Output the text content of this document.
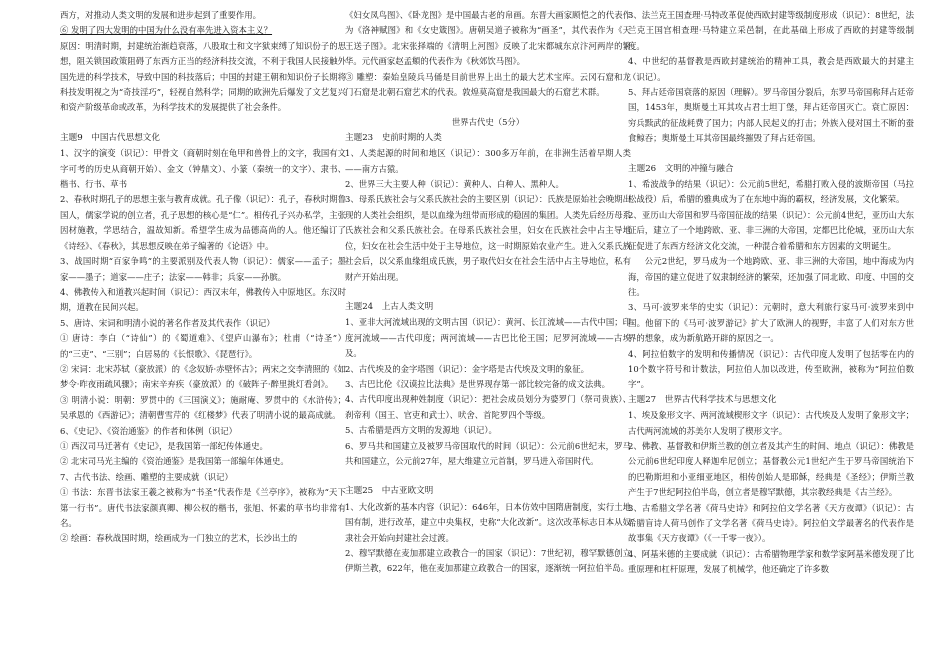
西方，对推动人类文明的发展和进步起到了重要作用。

⑥ 发明了四大发明的中国为什么没有率先进入资本主义？

原因：明清时期，封建统治渐趋衰落，八股取士和文字狱束缚了知识份子的思想，阻关锁国政策阻碍了东西方正当的经济科技交流，不利于我国人民接触外国先进的科学技术，导致中国的科技落后；中国的封建王朝和知识份子长期将科技发明视之为“奇技淫巧”，轻视自然科学；同期的欧洲先后爆发了文艺复兴和资产阶级革命或改革，为科学技术的发展提供了社会条件。

主题9　中国古代思想文化

1、汉字的演变（识记）：甲骨文（商朝时刻在龟甲和兽骨上的文字，我国有文字可考的历史从商朝开始）、金文（钟鼎文）、小篆（秦统一的文字）、隶书、楷书、行书、草书

2、春秋时期孔子的思想主张与教育成就。孔子像（识记）：孔子，春秋时期鲁国人，儒家学说的创立者，孔子思想的核心是“仁”。相传孔子兴办私学，主张因材施教，学思结合，温故知新。希望学生成为品德高尚的人。他还编订了《诗经》、《春秋》，其思想反映在弟子编著的《论语》中。

3、战国时期“百家争鸣”的主要派别及代表人物（识记）：儒家——孟子；墨家——墨子；道家——庄子；法家——韩非；兵家——孙膑。

4、佛教传入和道教兴起时间（识记）：西汉末年，佛教传入中原地区。东汉时期，道教在民间兴起。

5、唐诗、宋词和明清小说的著名作者及其代表作（识记）

① 唐诗：李白（“诗仙”）的《蜀道难》、《望庐山瀑布》；杜甫（“诗圣”）的“三吏”、“三别”；白居易的《长恨歌》、《琵琶行》。

② 宋词：北宋苏轼（豪放派）的《念奴娇·赤壁怀古》；两宋之交李清照的《如梦令·昨夜雨疏风骤》；南宋辛弃疾（豪放派）的《破阵子·醉里挑灯看剑》。

③ 明清小说：明朝：罗贯中的《三国演义》；施耐庵、罗贯中的《水浒传》；吴承恩的《西游记》；清朝曹雪芹的《红楼梦》代表了明清小说的最高成就。

6、《史记》、《资治通鉴》的作者和体例（识记）

① 西汉司马迁著有《史记》，是我国第一部纪传体通史。

② 北宋司马光主编的《资治通鉴》是我国第一部编年体通史。

7、古代书法、绘画、雕塑的主要成就（识记）

① 书法：东晋书法家王羲之被称为“书圣”代表作是《兰亭序》，被称为“天下第一行书”。唐代书法家颜真卿、柳公权的楷书，张旭、怀素的草书均非常有名。

② 绘画：春秋战国时期，绘画成为一门独立的艺术，长沙出土的

《妇女凤鸟图》、《卧龙图》是中国最古老的帛画。东晋大画家顾恺之的代表作为《洛神赋图》和《女史箴图》。唐朝吴道子被称为“画圣”，其代表作为《天王送子图》。北宋张择端的《清明上河图》反映了北宋都城东京汴河两岸的繁华。元代画家赵孟頫的代表作为《秋郊饮马图》。

③ 雕塑：秦始皇陵兵马俑是目前世界上出土的最大艺术宝库。云冈石窟和龙门石窟是北朝石窟艺术的代表。敦煌莫高窟是我国最大的石窟艺术群。

世界古代史（5分）

主题23　史前时期的人类

1、人类起源的时间和地区（识记）：300多万年前，在非洲生活着早期人类——南方古猿。

2、世界三大主要人种（识记）：黄种人、白种人、黑种人。

3、母系氏族社会与父系氏族社会的主要区别（识记）：氏族是原始社会晚期出现的人类社会组织，是以血缘为纽带而形成的稳固的集团。人类先后经历母系氏族社会和父系氏族社会。在母系氏族社会里，妇女在氏族社会中占主导地位，妇女在社会生活中处于主导地位，这一时期原始农业产生。进入父系氏族社会后，以父系血缘组成氏族，男子取代妇女在社会生活中占主导地位，私有财产开始出现。

主题24　上古人类文明

1、亚非大河流域出现的文明古国（识记）：黄河、长江流域——古代中国；印度河流域——古代印度；两河流域——古巴比伦王国；尼罗河流域——古埃及。

2、古代埃及的金字塔图（识记）：金字塔是古代埃及文明的象征。

3、古巴比伦《汉谟拉比法典》是世界现存第一部比较完备的成文法典。

4、古代印度出现种姓制度（识记）：把社会成员划分为婆罗门（祭司贵族）、刹帝利（国王、官吏和武士）、吠舍、首陀罗四个等级。

5、古希腊是西方文明的发源地（识记）。

6、罗马共和国建立及被罗马帝国取代的时间（识记）：公元前6世纪末，罗马共和国建立，公元前27年，屋大维建立元首制，罗马进入帝国时代。

主题25　中古亚欧文明

1、大化改新的基本内容（识记）：646年，日本仿效中国隋唐制度，实行土地国有制，进行改革，建立中央集权，史称“大化改新”。这次改革标志日本从奴隶社会开始向封建社会过渡。

2、穆罕默德在麦加那建立政教合一的国家（识记）：7世纪初，穆罕默德创立伊斯兰教，622年，他在麦加那建立政教合一的国家，逐渐统一阿拉伯半岛。

3、法兰克王国查理·马特改革促使西欧封建等级制度形成（识记）：8世纪，法兰克王国宫相查理·马特建立采邑制，在此基础上形成了西欧的封建等级制度。

4、中世纪的基督教是西欧封建统治的精神工具，教会是西欧最大的封建主（识记）。

5、拜占廷帝国衰落的原因（理解）。罗马帝国分裂后，东罗马帝国称拜占廷帝国，1453年，奥斯曼土耳其攻占君士坦丁堡，拜占廷帝国灭亡。衰亡原因：穷兵黩武的征战耗费了国力；内部人民起义的打击；外族入侵对国土不断的蚕食鲸吞；奥斯曼土耳其帝国最终摧毁了拜占廷帝国。

主题26　文明的冲撞与融合

1、希波战争的结果（识记）：公元前5世纪，希腊打败入侵的波斯帝国（马拉松战役）后，希腊的雅典成为了在东地中海的霸权，经济发展，文化繁荣。

2、亚历山大帝国和罗马帝国征战的结果（识记）：公元前4世纪，亚历山大东征后，建立了一个地跨欧、亚、非三洲的大帝国，定都巴比伦城，亚历山大东征促进了东西方经济文化交流，一种混合着希腊和东方因素的文明诞生。

公元2世纪，罗马成为一个地跨欧、亚、非三洲的大帝国，地中海成为内海，帝国的建立促进了奴隶制经济的繁荣，还加强了同北欧、印度、中国的交往。

3、马可·波罗来华的史实（识记）：元朝时，意大利旅行家马可·波罗来到中国。他留下的《马可·波罗游记》扩大了欧洲人的视野，丰富了人们对东方世界的想象，成为新航路开辟的原因之一。

4、阿拉伯数字的发明和传播情况（识记）：古代印度人发明了包括零在内的10个数字符号和计数法，阿拉伯人加以改进，传至欧洲，被称为“阿拉伯数字”。

主题27　世界古代科学技术与思想文化

1、埃及象形文字、两河流域楔形文字（识记）：古代埃及人发明了象形文字；古代两河流域的苏美尔人发明了楔形文字。

2、佛教、基督教和伊斯兰教的创立者及其产生的时间、地点（识记）：佛教是公元前6世纪印度人释迦牟尼创立；基督教公元1世纪产生于罗马帝国统治下的巴勒斯坦和小亚细亚地区，相传创始人是耶稣，经典是《圣经》；伊斯兰教产生于7世纪阿拉伯半岛，创立者是穆罕默德，其宗教经典是《古兰经》。

3、古希腊文学名著《荷马史诗》和阿拉伯文学名著《天方夜谭》（识记）：古希腊盲诗人荷马创作了文学名著《荷马史诗》。阿拉伯文学最著名的代表作是故事集《天方夜谭》（《一千零一夜》）。

4、阿基米德的主要成就（识记）：古希腊物理学家和数学家阿基米德发现了比重原理和杠杆原理，发展了机械学，他还确定了许多数
